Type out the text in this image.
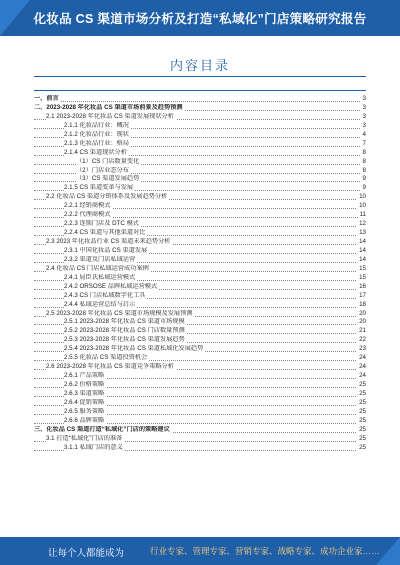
化妆品 CS 渠道市场分析及打造“私域化”门店策略研究报告
内容目录
一、前言	3
二、2023-2028 年化妆品 CS 渠道市场前景及趋势预测	3
2.1 2023-2028 年化妆品 CS 渠道发展现状分析	3
2.1.1 化妆品行业：概况	3
2.1.2 化妆品行业：现状	4
2.1.3 化妆品行业：格局	7
2.1.4 CS 渠道现状分析	8
（1）CS 门店数量变化	8
（2）门店业态分布	8
（3）CS 渠道发展趋势	9
2.1.5 CS 渠道变革与发展	9
2.2 化妆品 CS 渠道分销体系及发展趋势分析	10
2.2.1 经销商模式	10
2.2.2 代理商模式	11
2.2.3 连锁门店及 DTC 模式	12
2.2.4 CS 渠道与其他渠道对比	13
2.3 2023 年化妆品行业 CS 渠道未来趋势分析	14
2.3.1 中国化妆品 CS 渠道发展	14
2.3.2 渠道及门店私域运营	14
2.4 化妆品 CS 门店私域运营成功案例	15
2.4.1 屈臣氏私域运营模式	15
2.4.2 ORSOSE 品牌私域运营模式	16
2.4.3 CS 门店私域数字化工具	17
2.4.4 私域运营总结与启示	18
2.5 2023-2028 年化妆品 CS 渠道市场规模及发展预测	20
2.5.1 2023-2028 年化妆品 CS 渠道市场规模	20
2.5.2 2023-2028 年化妆品 CS 门店数量预测	21
2.5.3 2023-2028 年化妆品 CS 渠道发展趋势	22
2.5.4 2023-2028 年化妆品 CS 渠道私域化发展趋势	23
2.5.5 化妆品 CS 渠道投资机会	24
2.6 2023-2028 年化妆品 CS 渠道竞争策略分析	24
2.6.1 产品策略	24
2.6.2 价格策略	25
2.6.3 渠道策略	25
2.6.4 促销策略	25
2.6.5 服务策略	25
2.6.6 品牌策略	25
三、化妆品 CS 渠道打造“私域化”门店的策略建议	25
3.1 打造“私域化”门店的准备	25
3.1.1 私域门店的意义	25
让每个人都能成为	行业专家、管理专家、营销专家、战略专家、成功企业家……
